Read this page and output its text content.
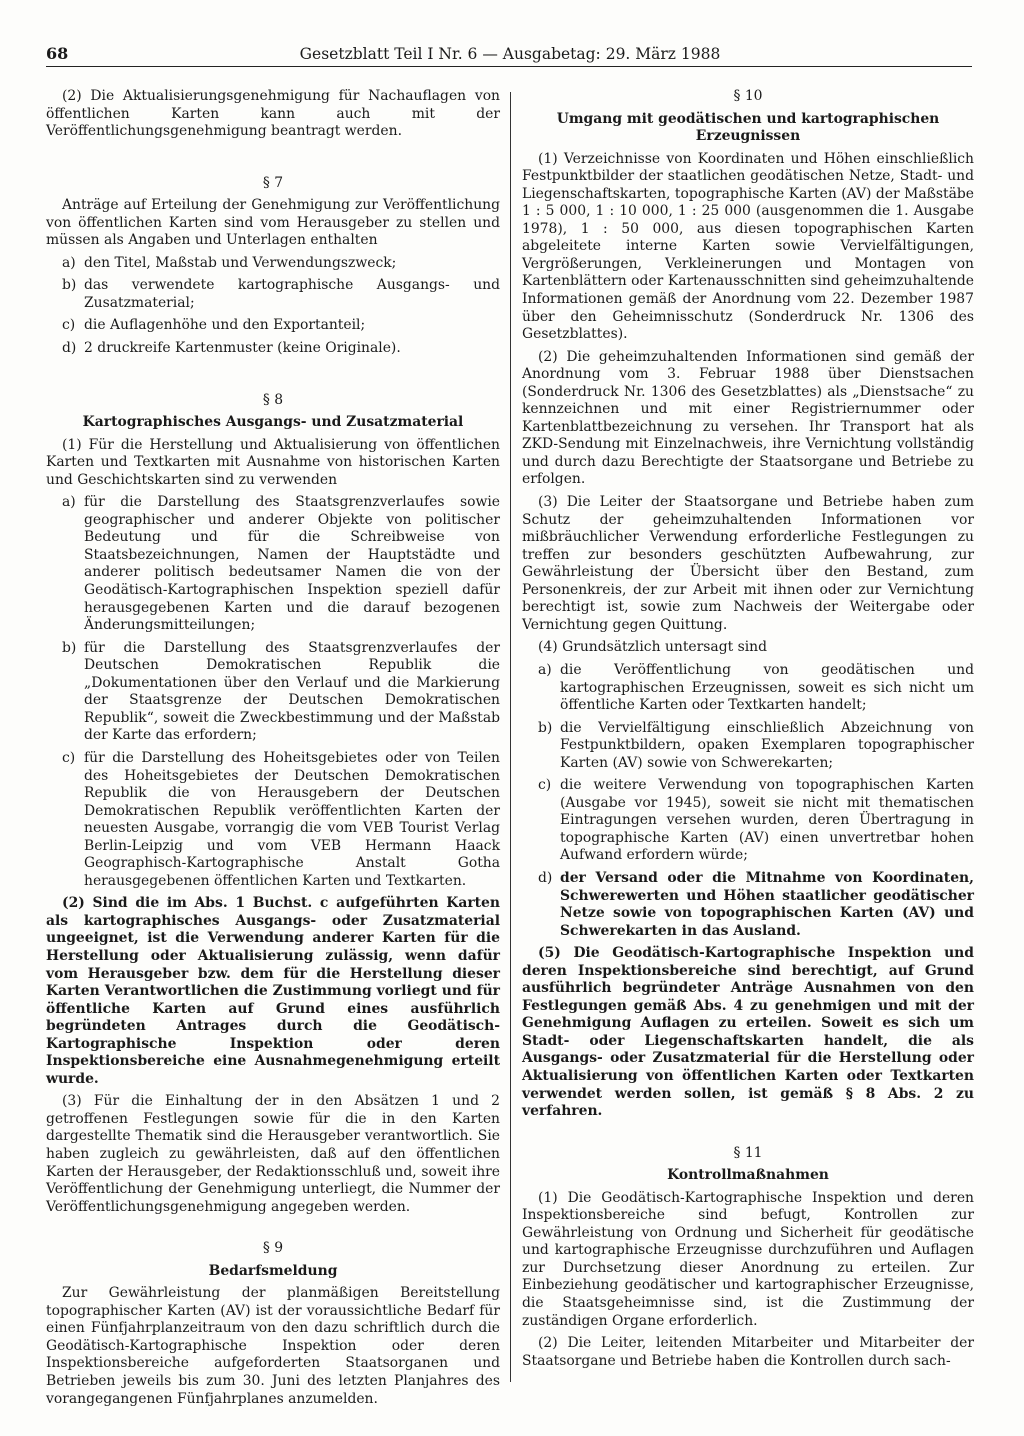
68	Gesetzblatt Teil I Nr. 6 — Ausgabetag: 29. März 1988

(2) Die Aktualisierungsgenehmigung für Nachauflagen von öffentlichen Karten kann auch mit der Veröffentlichungsgenehmigung beantragt werden.

§ 7

Anträge auf Erteilung der Genehmigung zur Veröffentlichung von öffentlichen Karten sind vom Herausgeber zu stellen und müssen als Angaben und Unterlagen enthalten

a) den Titel, Maßstab und Verwendungszweck;
b) das verwendete kartographische Ausgangs- und Zusatzmaterial;
c) die Auflagenhöhe und den Exportanteil;
d) 2 druckreife Kartenmuster (keine Originale).

§ 8

Kartographisches Ausgangs- und Zusatzmaterial

(1) Für die Herstellung und Aktualisierung von öffentlichen Karten und Textkarten mit Ausnahme von historischen Karten und Geschichtskarten sind zu verwenden

a) für die Darstellung des Staatsgrenzverlaufes sowie geographischer und anderer Objekte von politischer Bedeutung und für die Schreibweise von Staatsbezeichnungen, Namen der Hauptstädte und anderer politisch bedeutsamer Namen die von der Geodätisch-Kartographischen Inspektion speziell dafür herausgegebenen Karten und die darauf bezogenen Änderungsmitteilungen;
b) für die Darstellung des Staatsgrenzverlaufes der Deutschen Demokratischen Republik die „Dokumentationen über den Verlauf und die Markierung der Staatsgrenze der Deutschen Demokratischen Republik“, soweit die Zweckbestimmung und der Maßstab der Karte das erfordern;
c) für die Darstellung des Hoheitsgebietes oder von Teilen des Hoheitsgebietes der Deutschen Demokratischen Republik die von Herausgebern der Deutschen Demokratischen Republik veröffentlichten Karten der neuesten Ausgabe, vorrangig die vom VEB Tourist Verlag Berlin-Leipzig und vom VEB Hermann Haack Geographisch-Kartographische Anstalt Gotha herausgegebenen öffentlichen Karten und Textkarten.

(2) Sind die im Abs. 1 Buchst. c aufgeführten Karten als kartographisches Ausgangs- oder Zusatzmaterial ungeeignet, ist die Verwendung anderer Karten für die Herstellung oder Aktualisierung zulässig, wenn dafür vom Herausgeber bzw. dem für die Herstellung dieser Karten Verantwortlichen die Zustimmung vorliegt und für öffentliche Karten auf Grund eines ausführlich begründeten Antrages durch die Geodätisch-Kartographische Inspektion oder deren Inspektionsbereiche eine Ausnahmegenehmigung erteilt wurde.

(3) Für die Einhaltung der in den Absätzen 1 und 2 getroffenen Festlegungen sowie für die in den Karten dargestellte Thematik sind die Herausgeber verantwortlich. Sie haben zugleich zu gewährleisten, daß auf den öffentlichen Karten der Herausgeber, der Redaktionsschluß und, soweit ihre Veröffentlichung der Genehmigung unterliegt, die Nummer der Veröffentlichungsgenehmigung angegeben werden.

§ 9

Bedarfsmeldung

Zur Gewährleistung der planmäßigen Bereitstellung topographischer Karten (AV) ist der voraussichtliche Bedarf für einen Fünfjahrplanzeitraum von den dazu schriftlich durch die Geodätisch-Kartographische Inspektion oder deren Inspektionsbereiche aufgeforderten Staatsorganen und Betrieben jeweils bis zum 30. Juni des letzten Planjahres des vorangegangenen Fünfjahrplanes anzumelden.

§ 10

Umgang mit geodätischen und kartographischen Erzeugnissen

(1) Verzeichnisse von Koordinaten und Höhen einschließlich Festpunktbilder der staatlichen geodätischen Netze, Stadt- und Liegenschaftskarten, topographische Karten (AV) der Maßstäbe 1 : 5 000, 1 : 10 000, 1 : 25 000 (ausgenommen die 1. Ausgabe 1978), 1 : 50 000, aus diesen topographischen Karten abgeleitete interne Karten sowie Vervielfältigungen, Vergrößerungen, Verkleinerungen und Montagen von Kartenblättern oder Kartenausschnitten sind geheimzuhaltende Informationen gemäß der Anordnung vom 22. Dezember 1987 über den Geheimnisschutz (Sonderdruck Nr. 1306 des Gesetzblattes).

(2) Die geheimzuhaltenden Informationen sind gemäß der Anordnung vom 3. Februar 1988 über Dienstsachen (Sonderdruck Nr. 1306 des Gesetzblattes) als „Dienstsache“ zu kennzeichnen und mit einer Registriernummer oder Kartenblattbezeichnung zu versehen. Ihr Transport hat als ZKD-Sendung mit Einzelnachweis, ihre Vernichtung vollständig und durch dazu Berechtigte der Staatsorgane und Betriebe zu erfolgen.

(3) Die Leiter der Staatsorgane und Betriebe haben zum Schutz der geheimzuhaltenden Informationen vor mißbräuchlicher Verwendung erforderliche Festlegungen zu treffen zur besonders geschützten Aufbewahrung, zur Gewährleistung der Übersicht über den Bestand, zum Personenkreis, der zur Arbeit mit ihnen oder zur Vernichtung berechtigt ist, sowie zum Nachweis der Weitergabe oder Vernichtung gegen Quittung.

(4) Grundsätzlich untersagt sind

a) die Veröffentlichung von geodätischen und kartographischen Erzeugnissen, soweit es sich nicht um öffentliche Karten oder Textkarten handelt;
b) die Vervielfältigung einschließlich Abzeichnung von Festpunktbildern, opaken Exemplaren topographischer Karten (AV) sowie von Schwerekarten;
c) die weitere Verwendung von topographischen Karten (Ausgabe vor 1945), soweit sie nicht mit thematischen Eintragungen versehen wurden, deren Übertragung in topographische Karten (AV) einen unvertretbar hohen Aufwand erfordern würde;
d) der Versand oder die Mitnahme von Koordinaten, Schwerewerten und Höhen staatlicher geodätischer Netze sowie von topographischen Karten (AV) und Schwerekarten in das Ausland.

(5) Die Geodätisch-Kartographische Inspektion und deren Inspektionsbereiche sind berechtigt, auf Grund ausführlich begründeter Anträge Ausnahmen von den Festlegungen gemäß Abs. 4 zu genehmigen und mit der Genehmigung Auflagen zu erteilen. Soweit es sich um Stadt- oder Liegenschaftskarten handelt, die als Ausgangs- oder Zusatzmaterial für die Herstellung oder Aktualisierung von öffentlichen Karten oder Textkarten verwendet werden sollen, ist gemäß § 8 Abs. 2 zu verfahren.

§ 11

Kontrollmaßnahmen

(1) Die Geodätisch-Kartographische Inspektion und deren Inspektionsbereiche sind befugt, Kontrollen zur Gewährleistung von Ordnung und Sicherheit für geodätische und kartographische Erzeugnisse durchzuführen und Auflagen zur Durchsetzung dieser Anordnung zu erteilen. Zur Einbeziehung geodätischer und kartographischer Erzeugnisse, die Staatsgeheimnisse sind, ist die Zustimmung der zuständigen Organe erforderlich.

(2) Die Leiter, leitenden Mitarbeiter und Mitarbeiter der Staatsorgane und Betriebe haben die Kontrollen durch sach-
